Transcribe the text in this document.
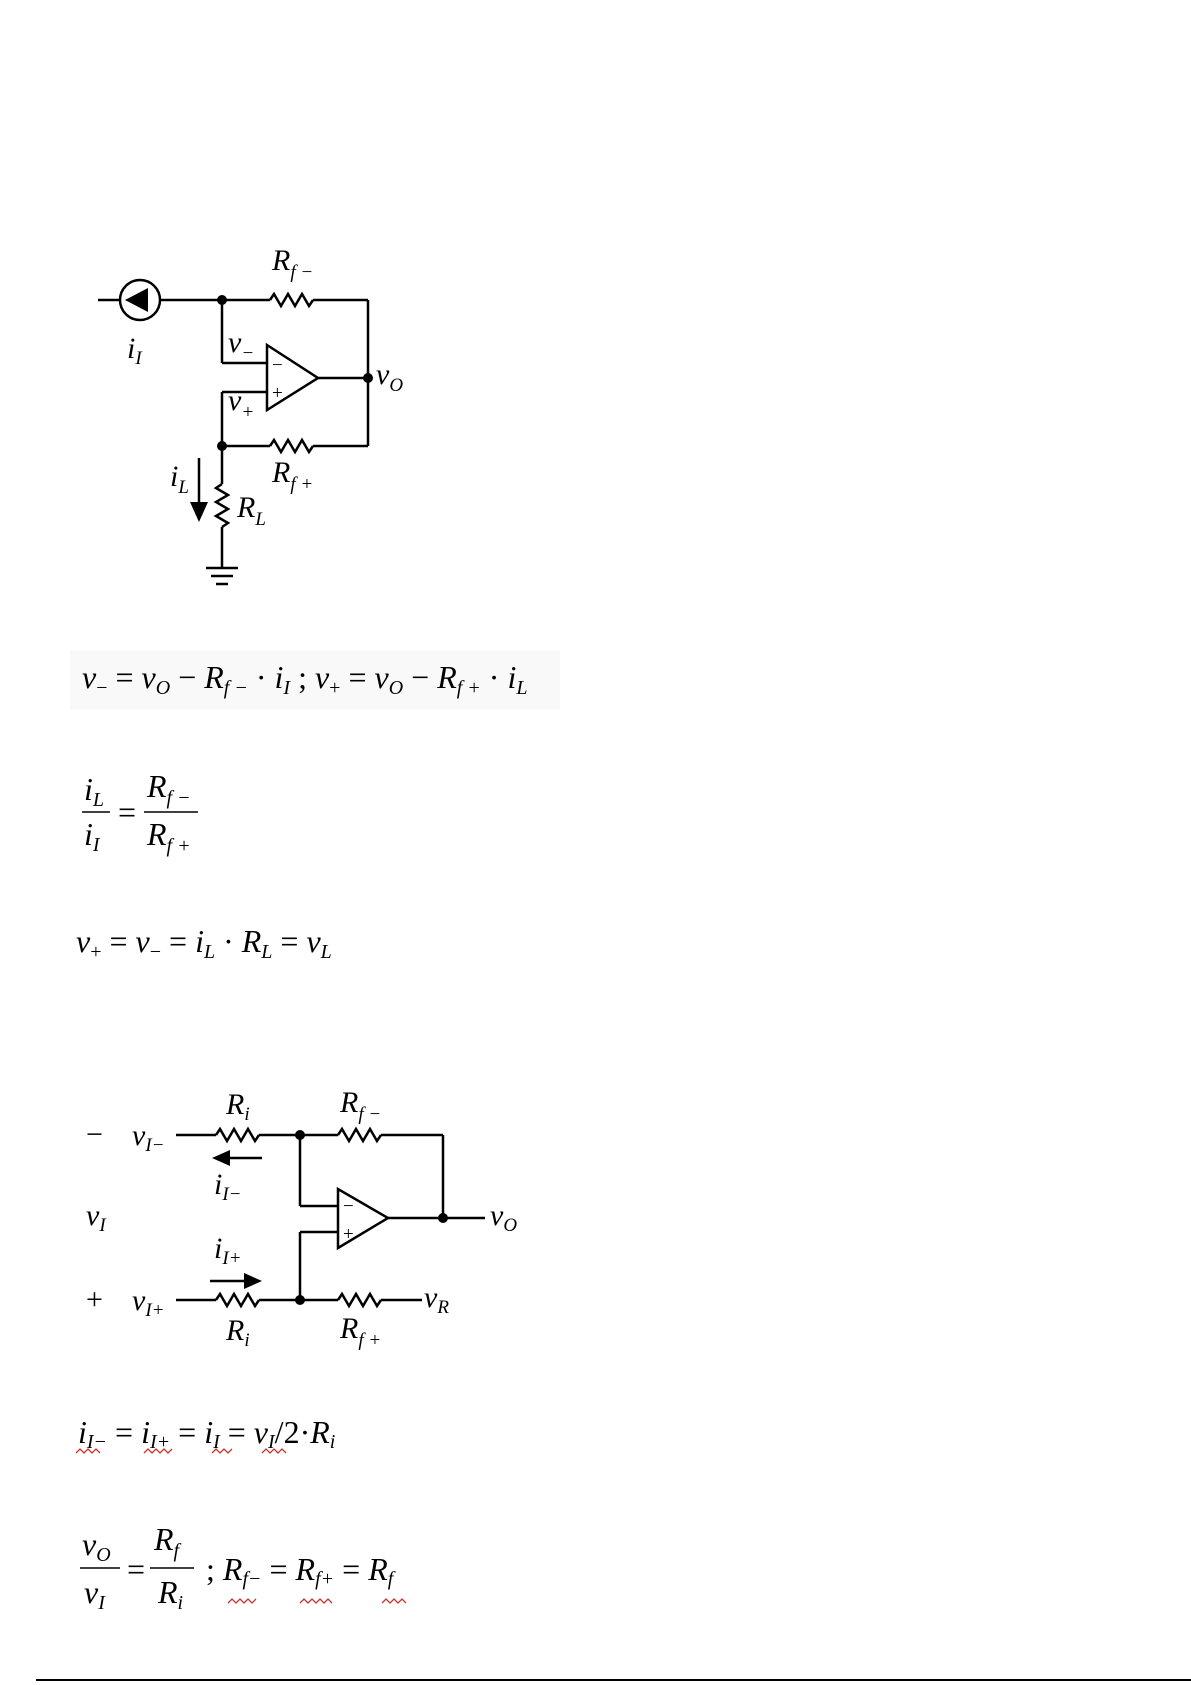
−
+
$i_I$
$R_{f -}$
$v_-$
$v_+$
$v_O$
$R_{f +}$
$i_L$
$R_L$
v− = vO − Rf − · iI ; v+ = vO − Rf + · iL
iL
iI
=
$R_{f -}$
$R_{f +}$
v+ = v− = iL · RL = vL
−
+
−
+
$v_{I-}$
$v_I$
$v_{I+}$
$R_i$
$R_i$
$R_{f -}$
$R_{f +}$
$i_{I-}$
$i_{I+}$
$v_O$
$v_R$
iI− = iI+ = iI = vI/2·Ri
vO
vI
=
$R_f$
Ri
; Rf− = Rf+ = Rf
